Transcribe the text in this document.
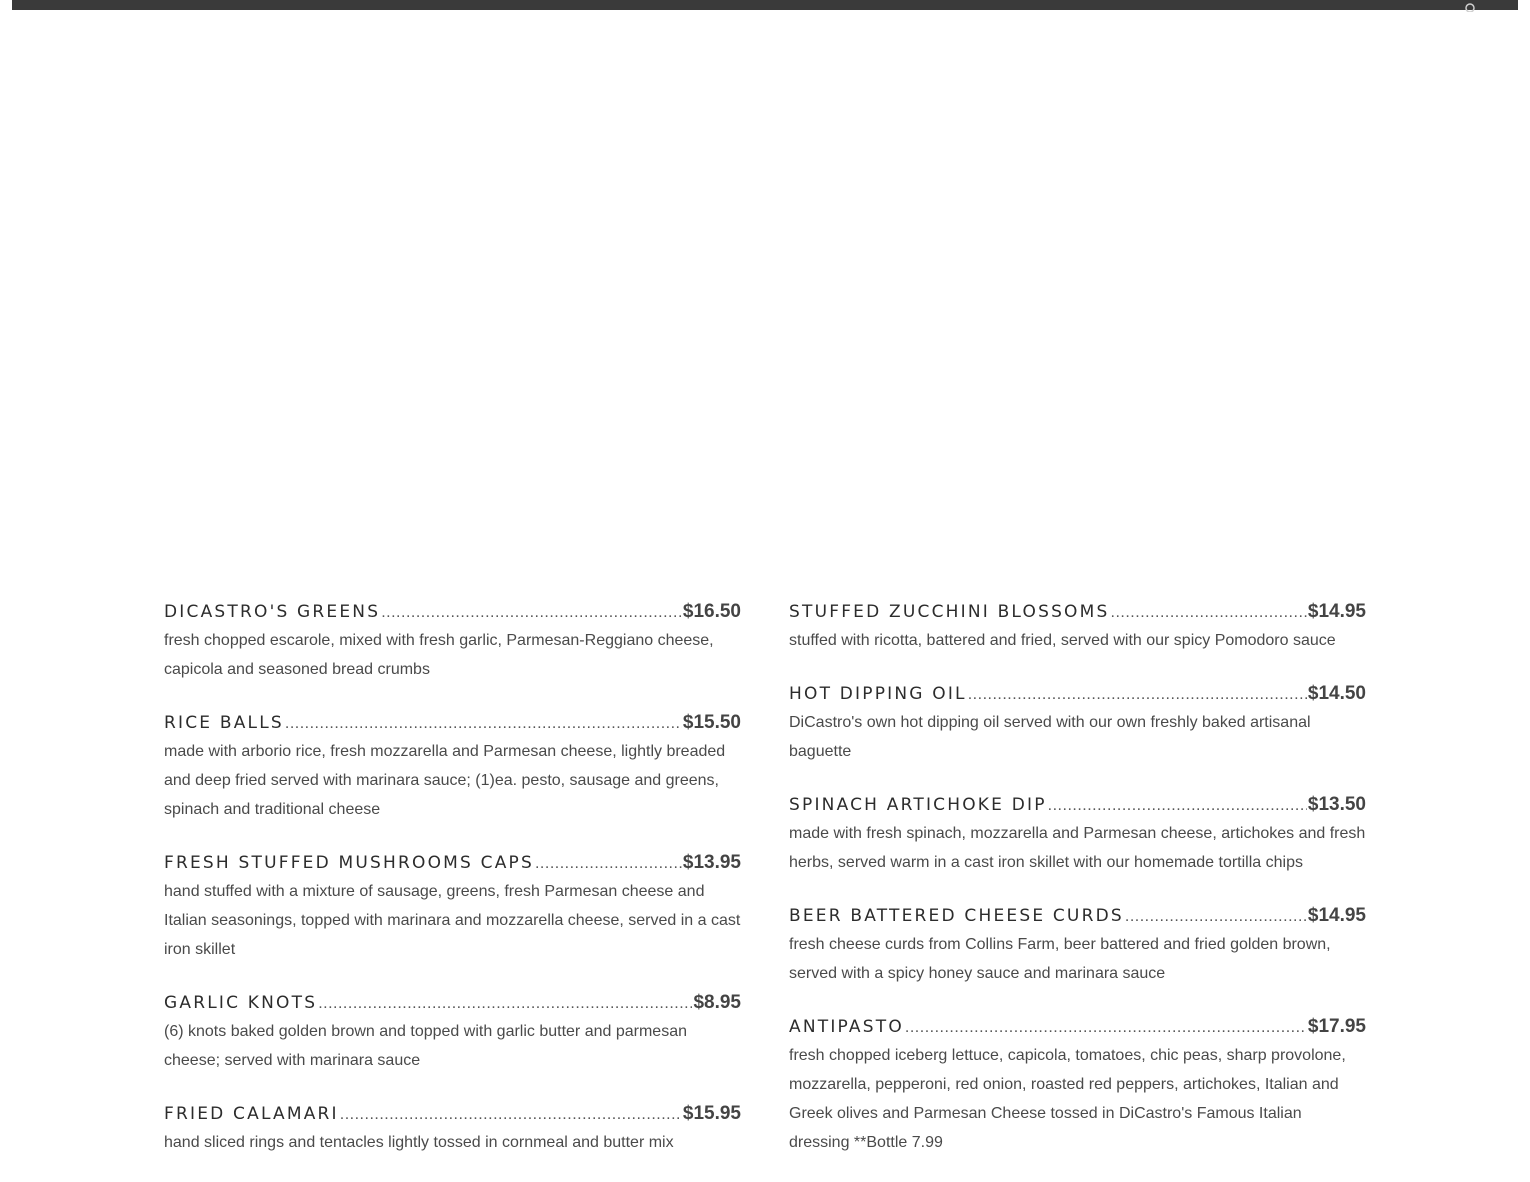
DICASTRO'S GREENS .....	$16.50

fresh chopped escarole, mixed with fresh garlic, Parmesan-Reggiano cheese, capicola and seasoned bread crumbs

RICE BALLS .....	$15.50

made with arborio rice, fresh mozzarella and Parmesan cheese, lightly breaded and deep fried served with marinara sauce; (1)ea. pesto, sausage and greens, spinach and traditional cheese

FRESH STUFFED MUSHROOMS CAPS .....	$13.95

hand stuffed with a mixture of sausage, greens, fresh Parmesan cheese and Italian seasonings, topped with marinara and mozzarella cheese, served in a cast iron skillet

GARLIC KNOTS .....	$8.95

(6) knots baked golden brown and topped with garlic butter and parmesan cheese; served with marinara sauce

FRIED CALAMARI .....	$15.95

hand sliced rings and tentacles lightly tossed in cornmeal and butter mix

STUFFED ZUCCHINI BLOSSOMS .....	$14.95

stuffed with ricotta, battered and fried, served with our spicy Pomodoro sauce

HOT DIPPING OIL .....	$14.50

DiCastro's own hot dipping oil served with our own freshly baked artisanal baguette

SPINACH ARTICHOKE DIP .....	$13.50

made with fresh spinach, mozzarella and Parmesan cheese, artichokes and fresh herbs, served warm in a cast iron skillet with our homemade tortilla chips

BEER BATTERED CHEESE CURDS .....	$14.95

fresh cheese curds from Collins Farm, beer battered and fried golden brown, served with a spicy honey sauce and marinara sauce

ANTIPASTO .....	$17.95

fresh chopped iceberg lettuce, capicola, tomatoes, chic peas, sharp provolone, mozzarella, pepperoni, red onion, roasted red peppers, artichokes, Italian and Greek olives and Parmesan Cheese tossed in DiCastro's Famous Italian dressing **Bottle 7.99
